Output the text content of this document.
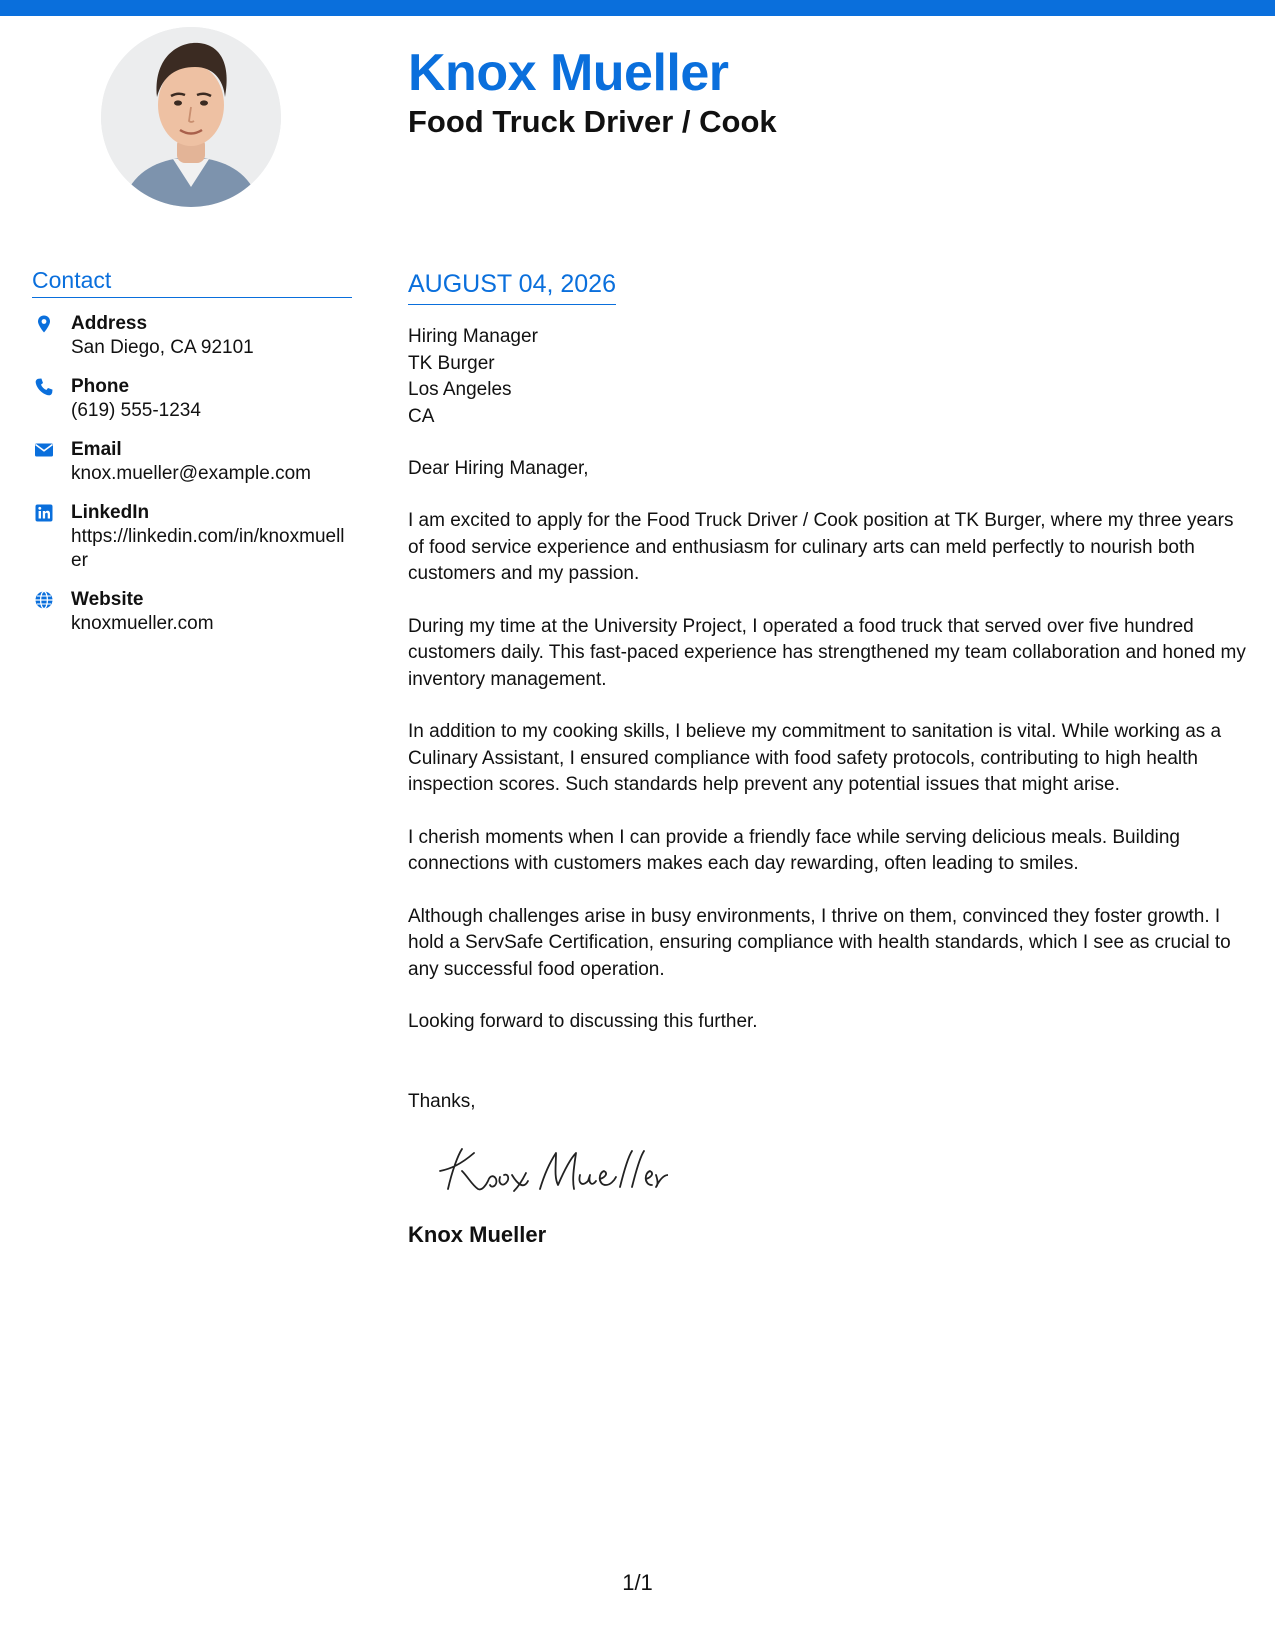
Knox Mueller
Food Truck Driver / Cook
Contact
Address
San Diego, CA 92101
Phone
(619) 555-1234
Email
knox.mueller@example.com
LinkedIn
https://linkedin.com/in/knoxmueller
Website
knoxmueller.com
AUGUST 04, 2026
Hiring Manager
TK Burger
Los Angeles
CA
Dear Hiring Manager,

I am excited to apply for the Food Truck Driver / Cook position at TK Burger, where my three years of food service experience and enthusiasm for culinary arts can meld perfectly to nourish both customers and my passion.

During my time at the University Project, I operated a food truck that served over five hundred customers daily. This fast-paced experience has strengthened my team collaboration and honed my inventory management.

In addition to my cooking skills, I believe my commitment to sanitation is vital. While working as a Culinary Assistant, I ensured compliance with food safety protocols, contributing to high health inspection scores. Such standards help prevent any potential issues that might arise.

I cherish moments when I can provide a friendly face while serving delicious meals. Building connections with customers makes each day rewarding, often leading to smiles.

Although challenges arise in busy environments, I thrive on them, convinced they foster growth. I hold a ServSafe Certification, ensuring compliance with health standards, which I see as crucial to any successful food operation.

Looking forward to discussing this further.

Thanks,
Knox Mueller
1/1
